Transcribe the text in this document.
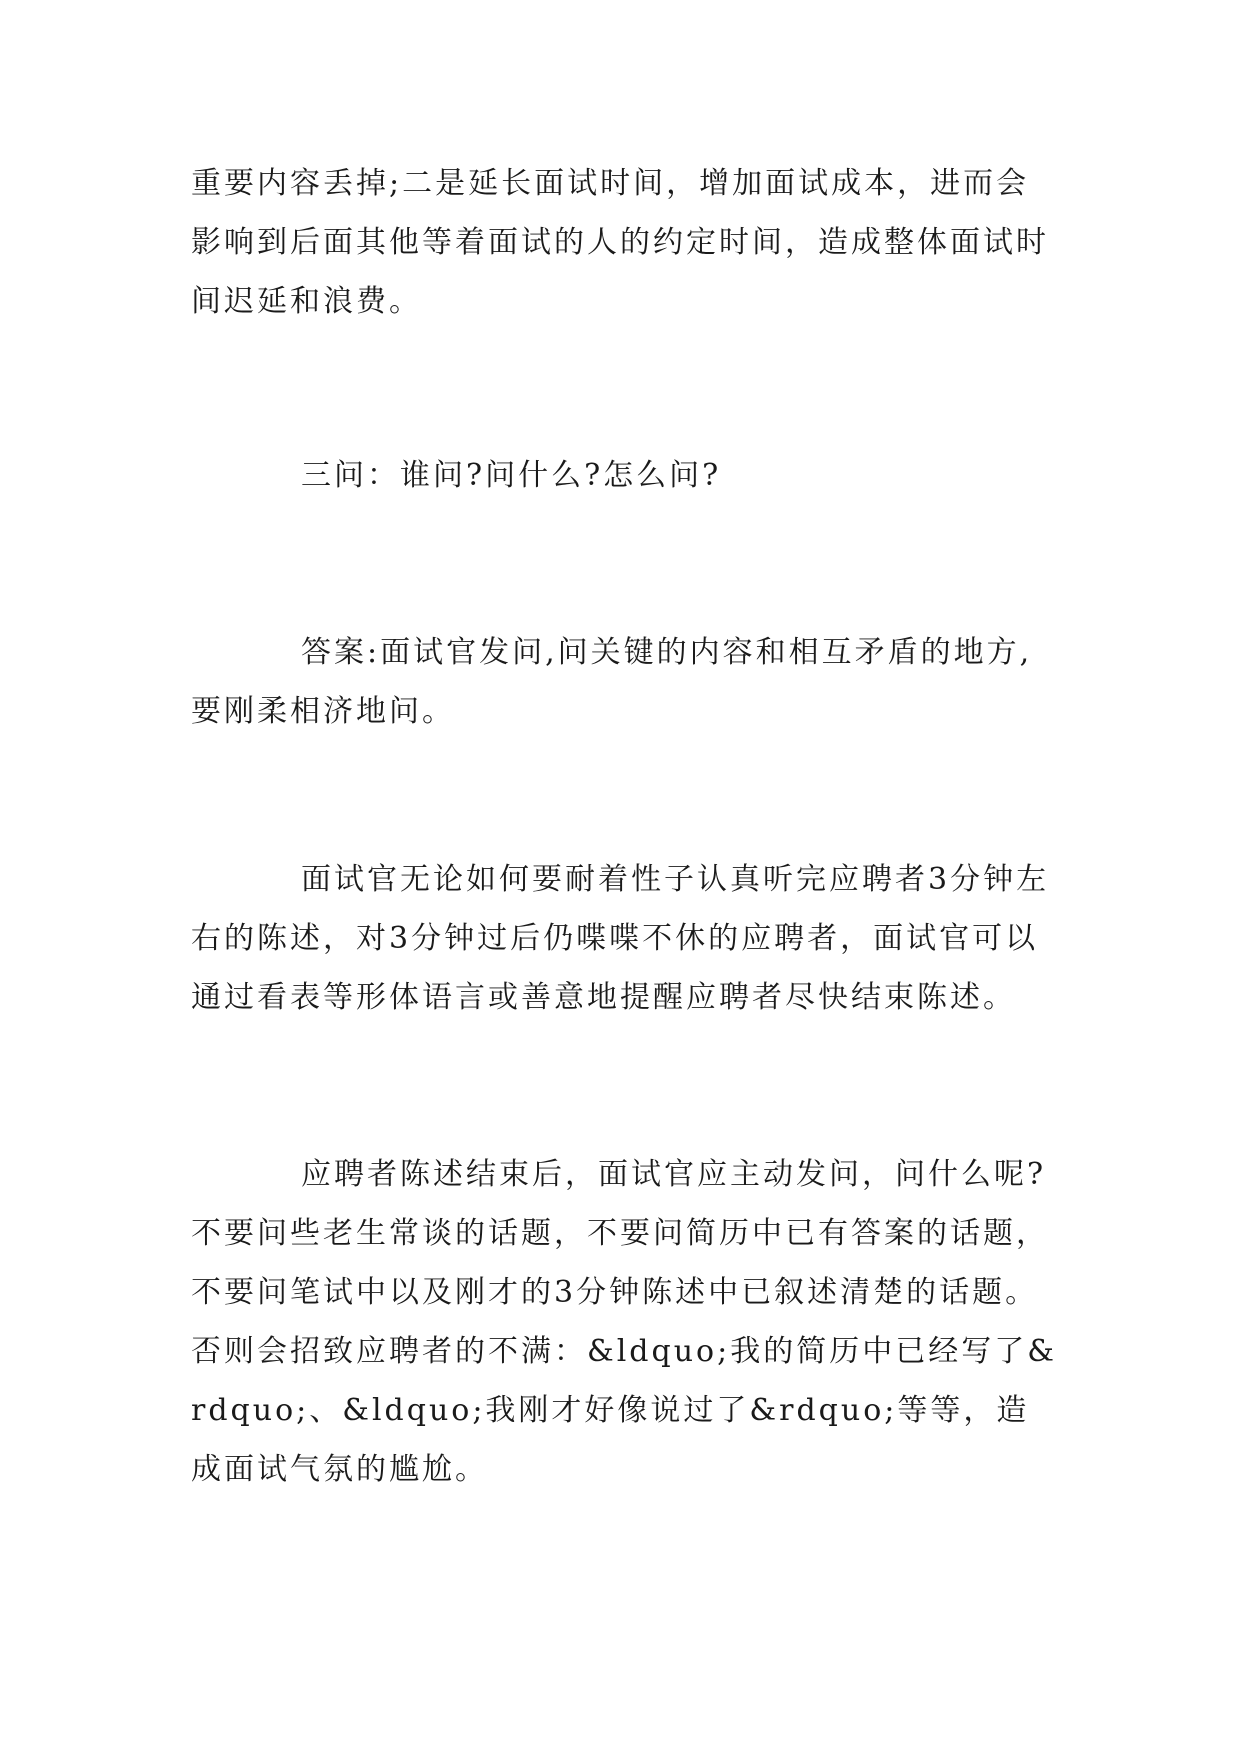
重要内容丢掉;二是延长面试时间，增加面试成本，进而会影响到后面其他等着面试的人的约定时间，造成整体面试时间迟延和浪费。

三问：谁问?问什么?怎么问?

答案:面试官发问,问关键的内容和相互矛盾的地方,要刚柔相济地问。

面试官无论如何要耐着性子认真听完应聘者3分钟左右的陈述，对3分钟过后仍喋喋不休的应聘者，面试官可以通过看表等形体语言或善意地提醒应聘者尽快结束陈述。

应聘者陈述结束后，面试官应主动发问，问什么呢?不要问些老生常谈的话题，不要问简历中已有答案的话题，不要问笔试中以及刚才的3分钟陈述中已叙述清楚的话题。否则会招致应聘者的不满：&ldquo;我的简历中已经写了&rdquo;、&ldquo;我刚才好像说过了&rdquo;等等，造成面试气氛的尴尬。
